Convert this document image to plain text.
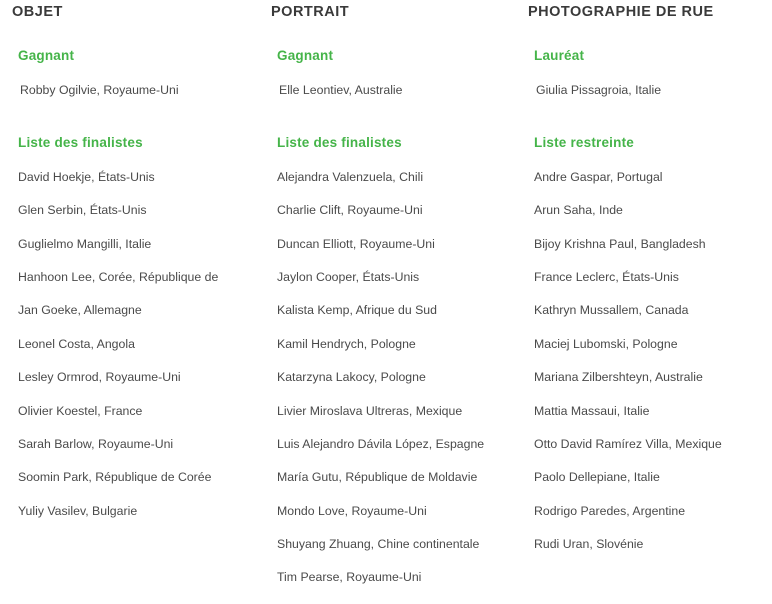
OBJET
Gagnant
Robby Ogilvie, Royaume-Uni
Liste des finalistes
David Hoekje, États-Unis
Glen Serbin, États-Unis
Guglielmo Mangilli, Italie
Hanhoon Lee, Corée, République de
Jan Goeke, Allemagne
Leonel Costa, Angola
Lesley Ormrod, Royaume-Uni
Olivier Koestel, France
Sarah Barlow, Royaume-Uni
Soomin Park, République de Corée
Yuliy Vasilev, Bulgarie
PORTRAIT
Gagnant
Elle Leontiev, Australie
Liste des finalistes
Alejandra Valenzuela, Chili
Charlie Clift, Royaume-Uni
Duncan Elliott, Royaume-Uni
Jaylon Cooper, États-Unis
Kalista Kemp, Afrique du Sud
Kamil Hendrych, Pologne
Katarzyna Lakocy, Pologne
Livier Miroslava Ultreras, Mexique
Luis Alejandro Dávila López, Espagne
María Gutu, République de Moldavie
Mondo Love, Royaume-Uni
Shuyang Zhuang, Chine continentale
Tim Pearse, Royaume-Uni
PHOTOGRAPHIE DE RUE
Lauréat
Giulia Pissagroia, Italie
Liste restreinte
Andre Gaspar, Portugal
Arun Saha, Inde
Bijoy Krishna Paul, Bangladesh
France Leclerc, États-Unis
Kathryn Mussallem, Canada
Maciej Lubomski, Pologne
Mariana Zilbershteyn, Australie
Mattia Massaui, Italie
Otto David Ramírez Villa, Mexique
Paolo Dellepiane, Italie
Rodrigo Paredes, Argentine
Rudi Uran, Slovénie
